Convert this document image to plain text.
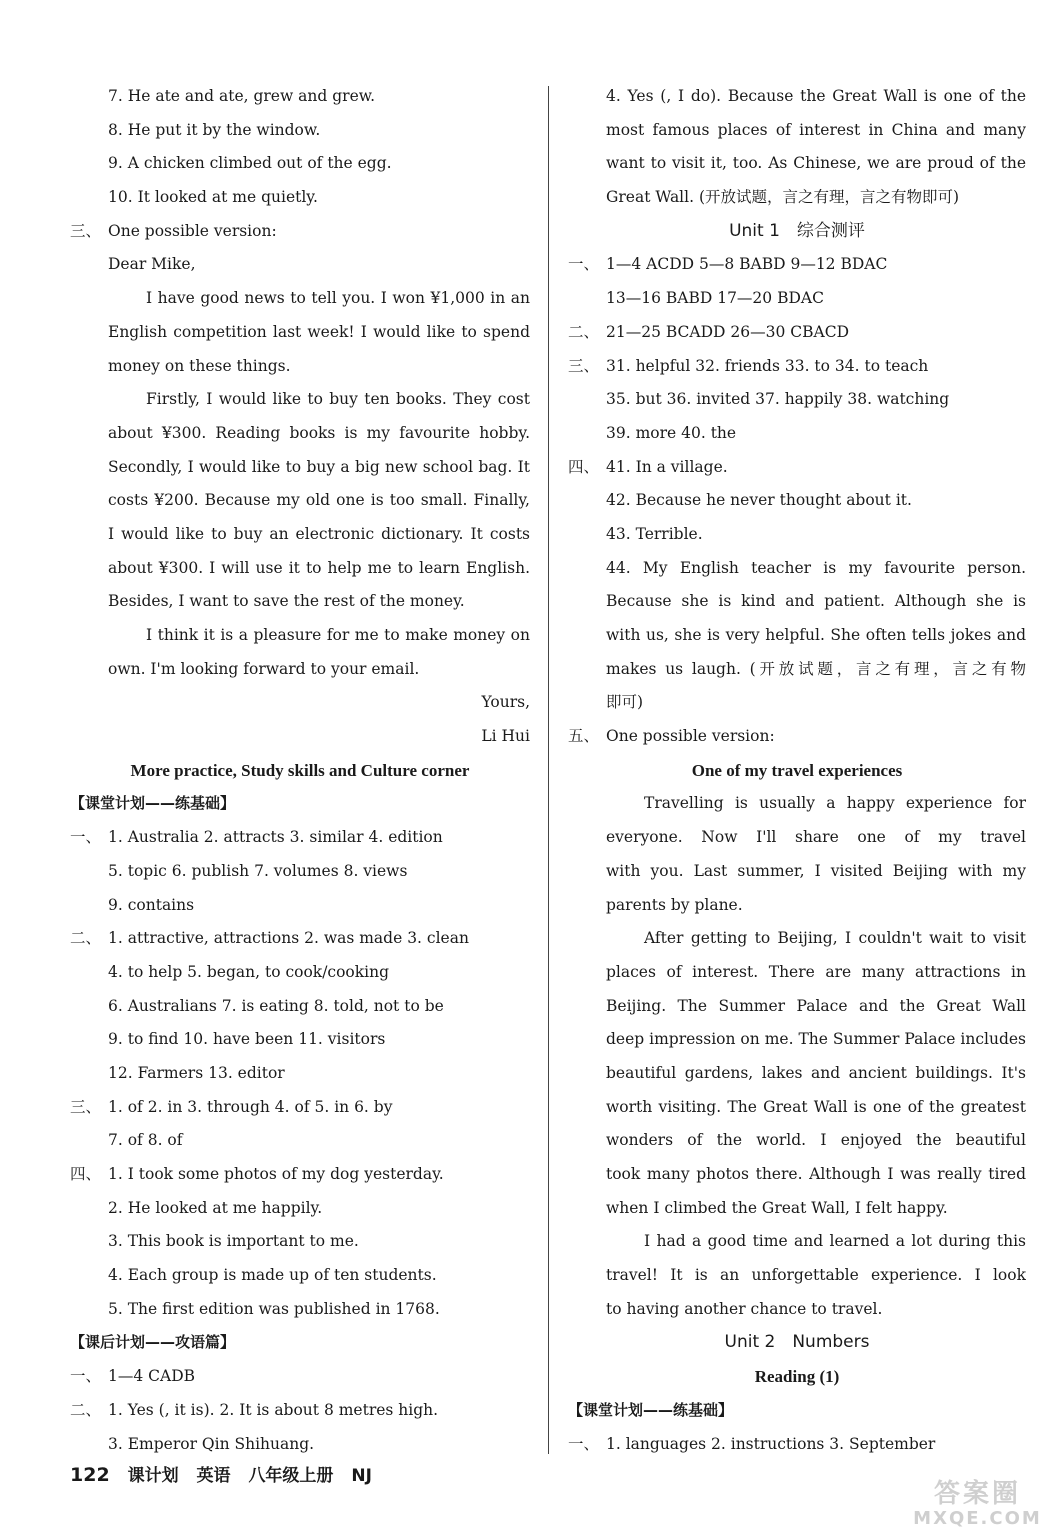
7. He ate and ate, grew and grew.
8. He put it by the window.
9. A chicken climbed out of the egg.
10. It looked at me quietly.
三、 One possible version:
Dear Mike,
I have good news to tell you. I won ¥1,000 in an
English competition last week! I would like to spend
money on these things.
Firstly, I would like to buy ten books. They cost
about ¥300. Reading books is my favourite hobby.
Secondly, I would like to buy a big new school bag. It
costs ¥200. Because my old one is too small. Finally,
I would like to buy an electronic dictionary. It costs
about ¥300. I will use it to help me to learn English.
Besides, I want to save the rest of the money.
I think it is a pleasure for me to make money on
own. I'm looking forward to your email.
Yours,
Li Hui
More practice, Study skills and Culture corner
【课堂计划——练基础】
一、 1. Australia 2. attracts 3. similar 4. edition
5. topic 6. publish 7. volumes 8. views
9. contains
二、 1. attractive, attractions 2. was made 3. clean
4. to help 5. began, to cook/cooking
6. Australians 7. is eating 8. told, not to be
9. to find 10. have been 11. visitors
12. Farmers 13. editor
三、 1. of 2. in 3. through 4. of 5. in 6. by
7. of 8. of
四、 1. I took some photos of my dog yesterday.
2. He looked at me happily.
3. This book is important to me.
4. Each group is made up of ten students.
5. The first edition was published in 1768.
【课后计划——攻语篇】
一、 1—4 CADB
二、 1. Yes (, it is). 2. It is about 8 metres high.
3. Emperor Qin Shihuang.
4. Yes (, I do). Because the Great Wall is one of the
most famous places of interest in China and many
want to visit it, too. As Chinese, we are proud of the
Great Wall. (开放试题，言之有理，言之有物即可)
Unit 1　综合测评
一、 1—4 ACDD 5—8 BABD 9—12 BDAC
13—16 BABD 17—20 BDAC
二、 21—25 BCADD 26—30 CBACD
三、 31. helpful 32. friends 33. to 34. to teach
35. but 36. invited 37. happily 38. watching
39. more 40. the
四、 41. In a village.
42. Because he never thought about it.
43. Terrible.
44. My English teacher is my favourite person.
Because she is kind and patient. Although she is
with us, she is very helpful. She often tells jokes and
makes us laugh. (开放试题，言之有理，言之有物
即可)
五、 One possible version:
One of my travel experiences
Travelling is usually a happy experience for
everyone. Now I'll share one of my travel
with you. Last summer, I visited Beijing with my
parents by plane.
After getting to Beijing, I couldn't wait to visit
places of interest. There are many attractions in
Beijing. The Summer Palace and the Great Wall
deep impression on me. The Summer Palace includes
beautiful gardens, lakes and ancient buildings. It's
worth visiting. The Great Wall is one of the greatest
wonders of the world. I enjoyed the beautiful
took many photos there. Although I was really tired
when I climbed the Great Wall, I felt happy.
I had a good time and learned a lot during this
travel! It is an unforgettable experience. I look
to having another chance to travel.
Unit 2　Numbers
Reading (1)
【课堂计划——练基础】
一、 1. languages 2. instructions 3. September
122 课计划 英语 八年级上册 NJ
答案圈
MXQE.COM
